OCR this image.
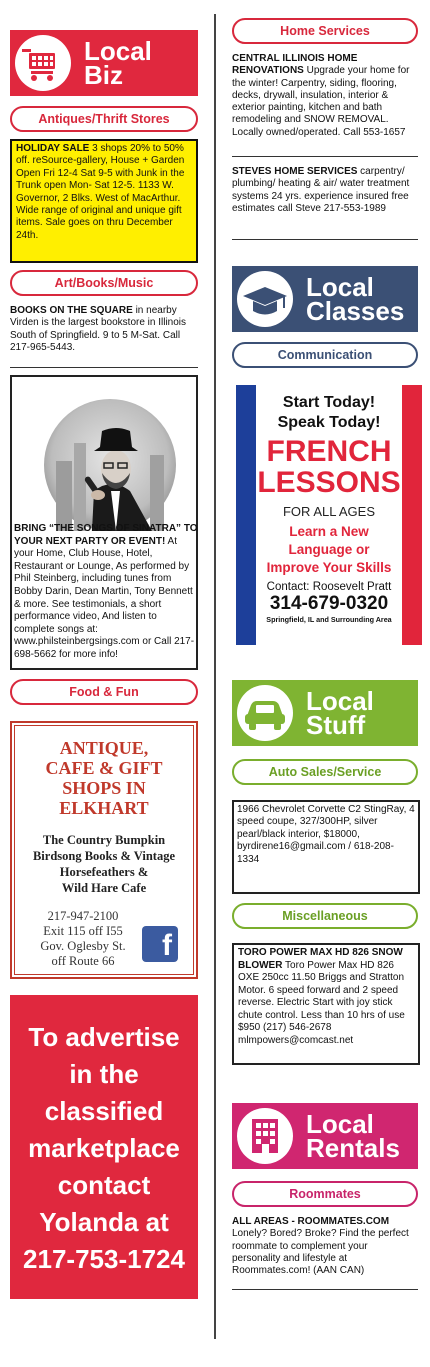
Local
Biz
Antiques/Thrift Stores
HOLIDAY SALE 3 shops 20% to 50% off. reSource-gallery, House + Garden Open Fri 12-4 Sat 9-5 with Junk in the Trunk open Mon- Sat 12-5. 1133 W. Governor, 2 Blks. West of MacArthur. Wide range of original and unique gift items. Sale goes on thru December 24th.
Art/Books/Music
BOOKS ON THE SQUARE in nearby Virden is the largest bookstore in Illinois South of Springfield. 9 to 5 M-Sat. Call 217-965-5443.
BRING “THE SONGS OF SINATRA” TO YOUR NEXT PARTY OR EVENT! At your Home, Club House, Hotel, Restaurant or Lounge, As performed by Phil Steinberg, including tunes from Bobby Darin, Dean Martin, Tony Bennett & more. See testimonials, a short performance video, And listen to complete songs at: www.philsteinbergsings.com or Call 217-698-5662 for more info!
Food & Fun
ANTIQUE,
CAFE & GIFT
SHOPS IN
ELKHART
The Country Bumpkin
Birdsong Books & Vintage
Horsefeathers &
Wild Hare Cafe
217-947-2100
Exit 115 off I55
Gov. Oglesby St.
off Route 66	f
To advertise
in the
classified
marketplace
contact
Yolanda at
217-753-1724
Home Services
CENTRAL ILLINOIS HOME RENOVATIONS Upgrade your home for the winter! Carpentry, siding, flooring, decks, drywall, insulation, interior & exterior painting, kitchen and bath remodeling and SNOW REMOVAL. Locally owned/operated. Call 553-1657
STEVES HOME SERVICES carpentry/ plumbing/ heating & air/ water treatment systems 24 yrs. experience insured free estimates call Steve 217-553-1989
Local
Classes
Communication
Start Today!
Speak Today!
FRENCH
LESSONS
FOR ALL AGES
Learn a New
Language or
Improve Your Skills
Contact: Roosevelt Pratt
314-679-0320
Springfield, IL and Surrounding Area
Local
Stuff
Auto Sales/Service
1966 Chevrolet Corvette C2 StingRay, 4 speed coupe, 327/300HP, silver pearl/black interior, $18000, byrdirene16@gmail.com / 618-208-1334
Miscellaneous
TORO POWER MAX HD 826 SNOW BLOWER Toro Power Max HD 826 OXE 250cc 11.50 Briggs and Stratton Motor. 6 speed forward and 2 speed reverse. Electric Start with joy stick chute control. Less than 10 hrs of use $950 (217) 546-2678 mlmpowers@comcast.net
Local
Rentals
Roommates
ALL AREAS - ROOMMATES.COM
Lonely? Bored? Broke? Find the perfect roommate to complement your personality and lifestyle at Roommates.com! (AAN CAN)
